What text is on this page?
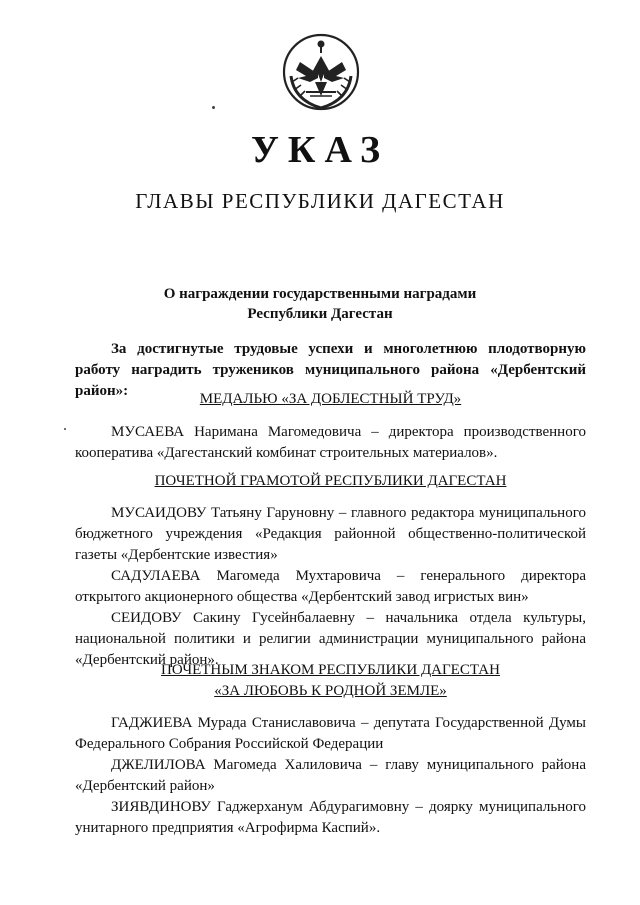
УКАЗ
ГЛАВЫ РЕСПУБЛИКИ ДАГЕСТАН
О награждении государственными наградами
Республики Дагестан

За достигнутые трудовые успехи и многолетнюю плодотворную работу наградить тружеников муниципального района «Дербентский район»:	МЕДАЛЬЮ «ЗА ДОБЛЕСТНЫЙ ТРУД»

МУСАЕВА Наримана Магомедовича – директора производственного кооператива «Дагестанский комбинат строительных материалов».

ПОЧЕТНОЙ ГРАМОТОЙ РЕСПУБЛИКИ ДАГЕСТАН

МУСАИДОВУ Татьяну Гаруновну – главного редактора муниципального бюджетного учреждения «Редакция районной общественно-политической газеты «Дербентские известия»

САДУЛАЕВА Магомеда Мухтаровича – генерального директора открытого акционерного общества «Дербентский завод игристых вин»

СЕИДОВУ Сакину Гусейнбалаевну – начальника отдела культуры, национальной политики и религии администрации муниципального района «Дербентский район».

ПОЧЕТНЫМ ЗНАКОМ РЕСПУБЛИКИ ДАГЕСТАН
«ЗА ЛЮБОВЬ К РОДНОЙ ЗЕМЛЕ»

ГАДЖИЕВА Мурада Станиславовича – депутата Государственной Думы Федерального Собрания Российской Федерации

ДЖЕЛИЛОВА Магомеда Халиловича – главу муниципального района «Дербентский район»

ЗИЯВДИНОВУ Гаджерханум Абдурагимовну – доярку муниципального унитарного предприятия «Агрофирма Каспий».
